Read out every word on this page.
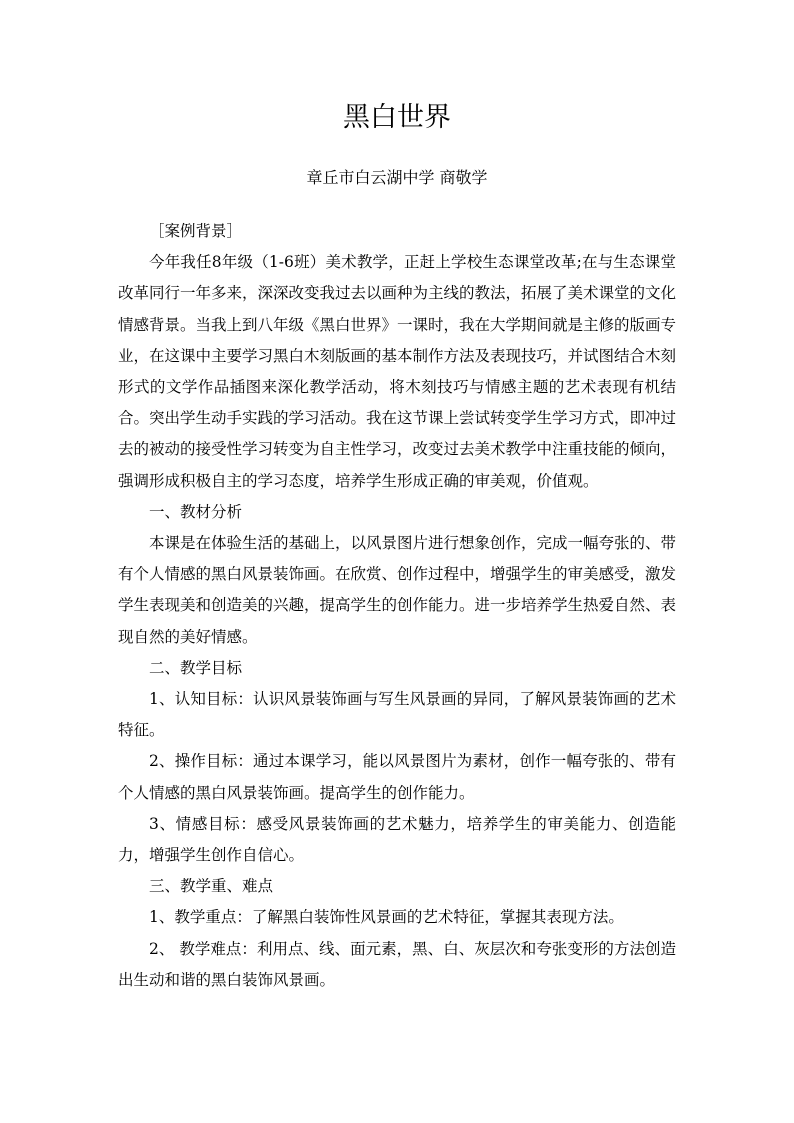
黑白世界
章丘市白云湖中学 商敬学

［案例背景］

今年我任8年级（1-6班）美术教学，正赶上学校生态课堂改革;在与生态课堂改革同行一年多来，深深改变我过去以画种为主线的教法，拓展了美术课堂的文化情感背景。当我上到八年级《黑白世界》一课时，我在大学期间就是主修的版画专业，在这课中主要学习黑白木刻版画的基本制作方法及表现技巧，并试图结合木刻形式的文学作品插图来深化教学活动，将木刻技巧与情感主题的艺术表现有机结合。突出学生动手实践的学习活动。我在这节课上尝试转变学生学习方式，即冲过去的被动的接受性学习转变为自主性学习，改变过去美术教学中注重技能的倾向，强调形成积极自主的学习态度，培养学生形成正确的审美观，价值观。

一、教材分析

本课是在体验生活的基础上，以风景图片进行想象创作，完成一幅夸张的、带有个人情感的黑白风景装饰画。在欣赏、创作过程中，增强学生的审美感受，激发学生表现美和创造美的兴趣，提高学生的创作能力。进一步培养学生热爱自然、表现自然的美好情感。

二、教学目标

1、认知目标：认识风景装饰画与写生风景画的异同，了解风景装饰画的艺术特征。

2、操作目标：通过本课学习，能以风景图片为素材，创作一幅夸张的、带有个人情感的黑白风景装饰画。提高学生的创作能力。

3、情感目标：感受风景装饰画的艺术魅力，培养学生的审美能力、创造能力，增强学生创作自信心。

三、教学重、难点

1、教学重点：了解黑白装饰性风景画的艺术特征，掌握其表现方法。

2、 教学难点：利用点、线、面元素，黑、白、灰层次和夸张变形的方法创造出生动和谐的黑白装饰风景画。
